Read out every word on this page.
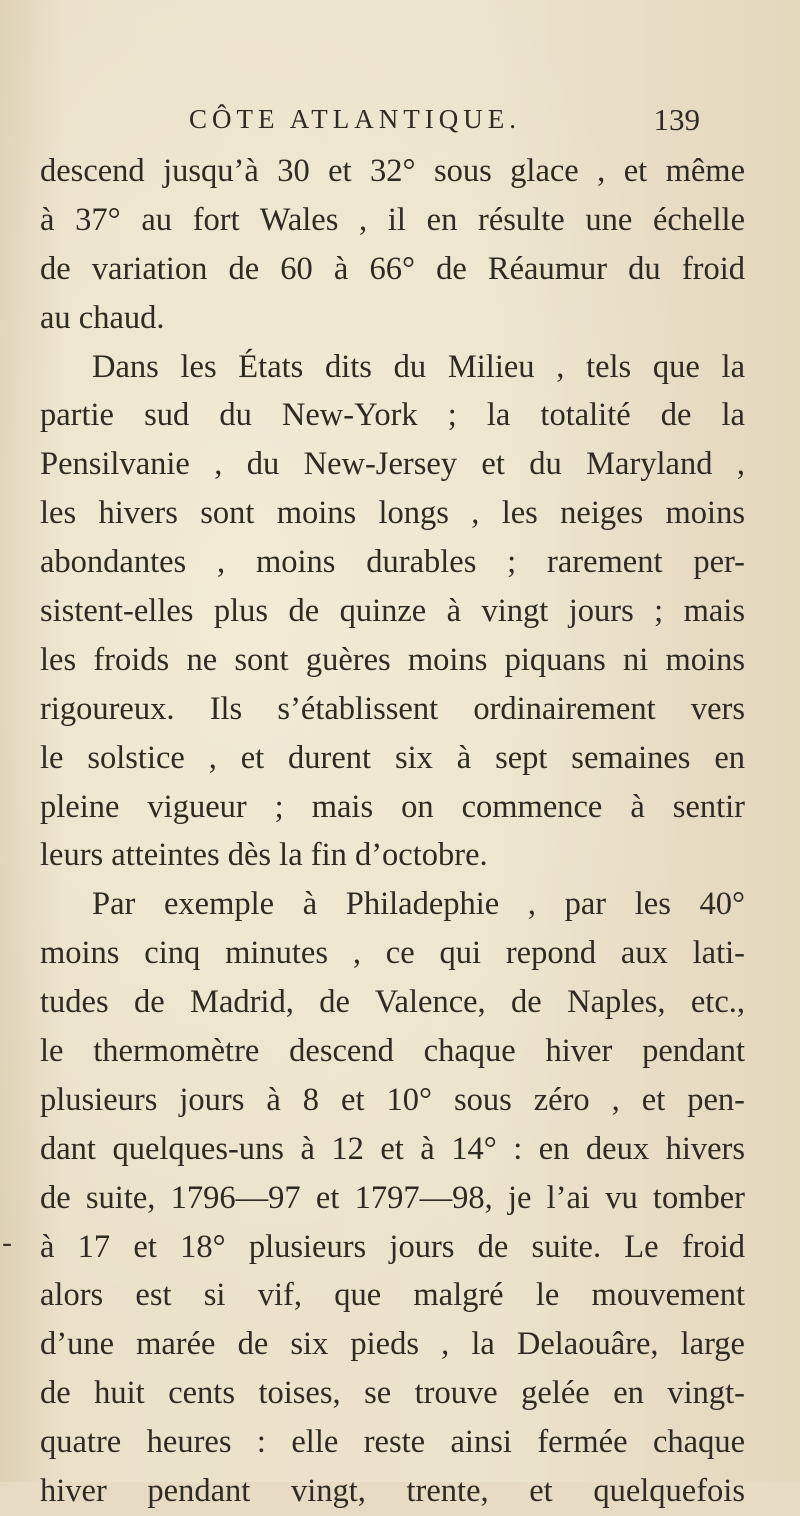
CÔTE ATLANTIQUE.	139
descend jusqu’à 30 et 32° sous glace , et même
à 37° au fort Wales , il en résulte une échelle
de variation de 60 à 66° de Réaumur du froid
au chaud.
Dans les États dits du Milieu , tels que la
partie sud du New-York ; la totalité de la
Pensilvanie , du New-Jersey et du Maryland ,
les hivers sont moins longs , les neiges moins
abondantes , moins durables ; rarement per-
sistent-elles plus de quinze à vingt jours ; mais
les froids ne sont guères moins piquans ni moins
rigoureux. Ils s’établissent ordinairement vers
le solstice , et durent six à sept semaines en
pleine vigueur ; mais on commence à sentir
leurs atteintes dès la fin d’octobre.
Par exemple à Philadephie , par les 40°
moins cinq minutes , ce qui repond aux lati-
tudes de Madrid, de Valence, de Naples, etc.,
le thermomètre descend chaque hiver pendant
plusieurs jours à 8 et 10° sous zéro , et pen-
dant quelques-uns à 12 et à 14° : en deux hivers
de suite, 1796—97 et 1797—98, je l’ai vu tomber
à 17 et 18° plusieurs jours de suite. Le froid
alors est si vif, que malgré le mouvement
d’une marée de six pieds , la Delaouâre, large
de huit cents toises, se trouve gelée en vingt-
quatre heures : elle reste ainsi fermée chaque
hiver pendant vingt, trente, et quelquefois
-
